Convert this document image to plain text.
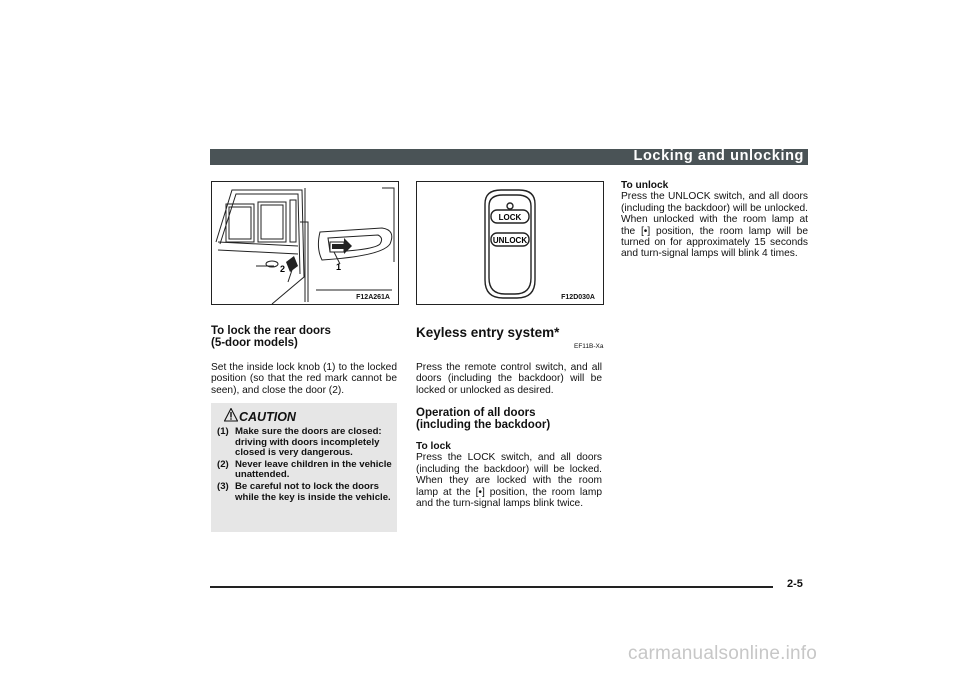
Locking and unlocking
2	1
F12A261A
LOCK
UNLOCK
F12D030A
To lock the rear doors
(5-door models)
Set the inside lock knob (1) to the locked position (so that the red mark cannot be seen), and close the door (2).
CAUTION
(1) Make sure the doors are closed: driving with doors incompletely closed is very dangerous.
(2) Never leave children in the vehicle unattended.
(3) Be careful not to lock the doors while the key is inside the vehicle.
Keyless entry system*
EF11B-Xa
Press the remote control switch, and all doors (including the backdoor) will be locked or unlocked as desired.
Operation of all doors
(including the backdoor)
To lock
Press the LOCK switch, and all doors (including the backdoor) will be locked. When they are locked with the room lamp at the [•] position, the room lamp and the turn-signal lamps blink twice.
To unlock
Press the UNLOCK switch, and all doors (including the backdoor) will be unlocked. When unlocked with the room lamp at the [•] position, the room lamp will be turned on for approximately 15 seconds and turn-signal lamps will blink 4 times.
2-5
carmanualsonline.info
